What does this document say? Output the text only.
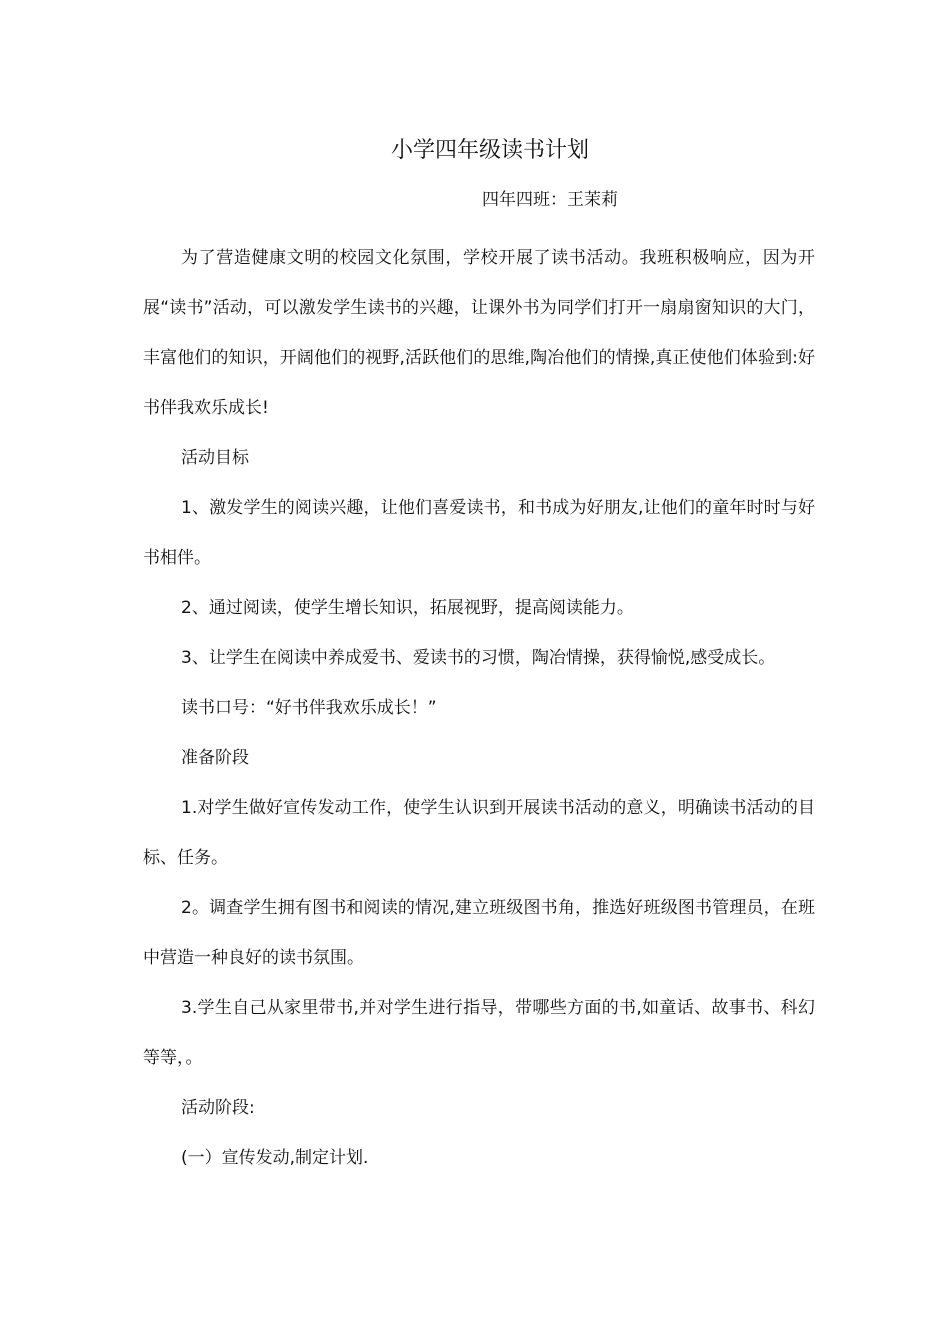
小学四年级读书计划
四年四班：王茉莉

为了营造健康文明的校园文化氛围，学校开展了读书活动。我班积极响应，因为开展“读书”活动，可以激发学生读书的兴趣，让课外书为同学们打开一扇扇窗知识的大门，丰富他们的知识，开阔他们的视野,活跃他们的思维,陶冶他们的情操,真正使他们体验到:好书伴我欢乐成长!

活动目标

1、激发学生的阅读兴趣，让他们喜爱读书，和书成为好朋友,让他们的童年时时与好书相伴。

2、通过阅读，使学生增长知识，拓展视野，提高阅读能力。

3、让学生在阅读中养成爱书、爱读书的习惯，陶冶情操，获得愉悦,感受成长。

读书口号：“好书伴我欢乐成长！”

准备阶段

1.对学生做好宣传发动工作，使学生认识到开展读书活动的意义，明确读书活动的目标、任务。

2。调查学生拥有图书和阅读的情况,建立班级图书角，推选好班级图书管理员，在班中营造一种良好的读书氛围。

3.学生自己从家里带书,并对学生进行指导，带哪些方面的书,如童话、故事书、科幻等等，。

活动阶段:

(一）宣传发动,制定计划.
